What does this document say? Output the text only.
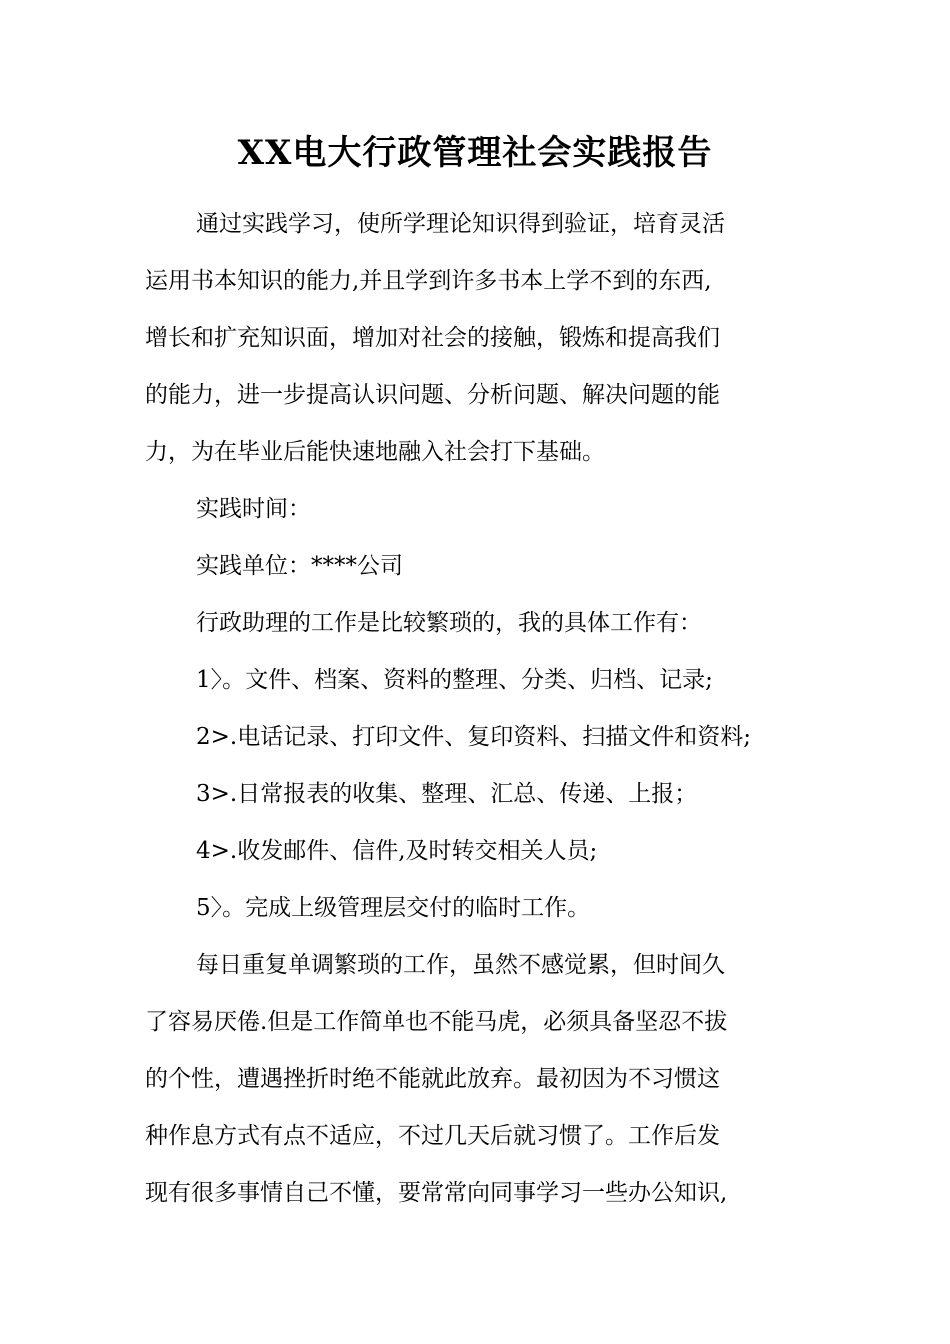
XX电大行政管理社会实践报告

通过实践学习，使所学理论知识得到验证，培育灵活

运用书本知识的能力,并且学到许多书本上学不到的东西,

增长和扩充知识面，增加对社会的接触，锻炼和提高我们

的能力，进一步提高认识问题、分析问题、解决问题的能

力，为在毕业后能快速地融入社会打下基础。

实践时间：

实践单位：****公司

行政助理的工作是比较繁琐的，我的具体工作有：

1〉。文件、档案、资料的整理、分类、归档、记录;

2>.电话记录、打印文件、复印资料、扫描文件和资料;

3>.日常报表的收集、整理、汇总、传递、上报；

4>.收发邮件、信件,及时转交相关人员;

5〉。完成上级管理层交付的临时工作。

每日重复单调繁琐的工作，虽然不感觉累，但时间久

了容易厌倦.但是工作简单也不能马虎，必须具备坚忍不拔

的个性，遭遇挫折时绝不能就此放弃。最初因为不习惯这

种作息方式有点不适应，不过几天后就习惯了。工作后发

现有很多事情自己不懂，要常常向同事学习一些办公知识,
